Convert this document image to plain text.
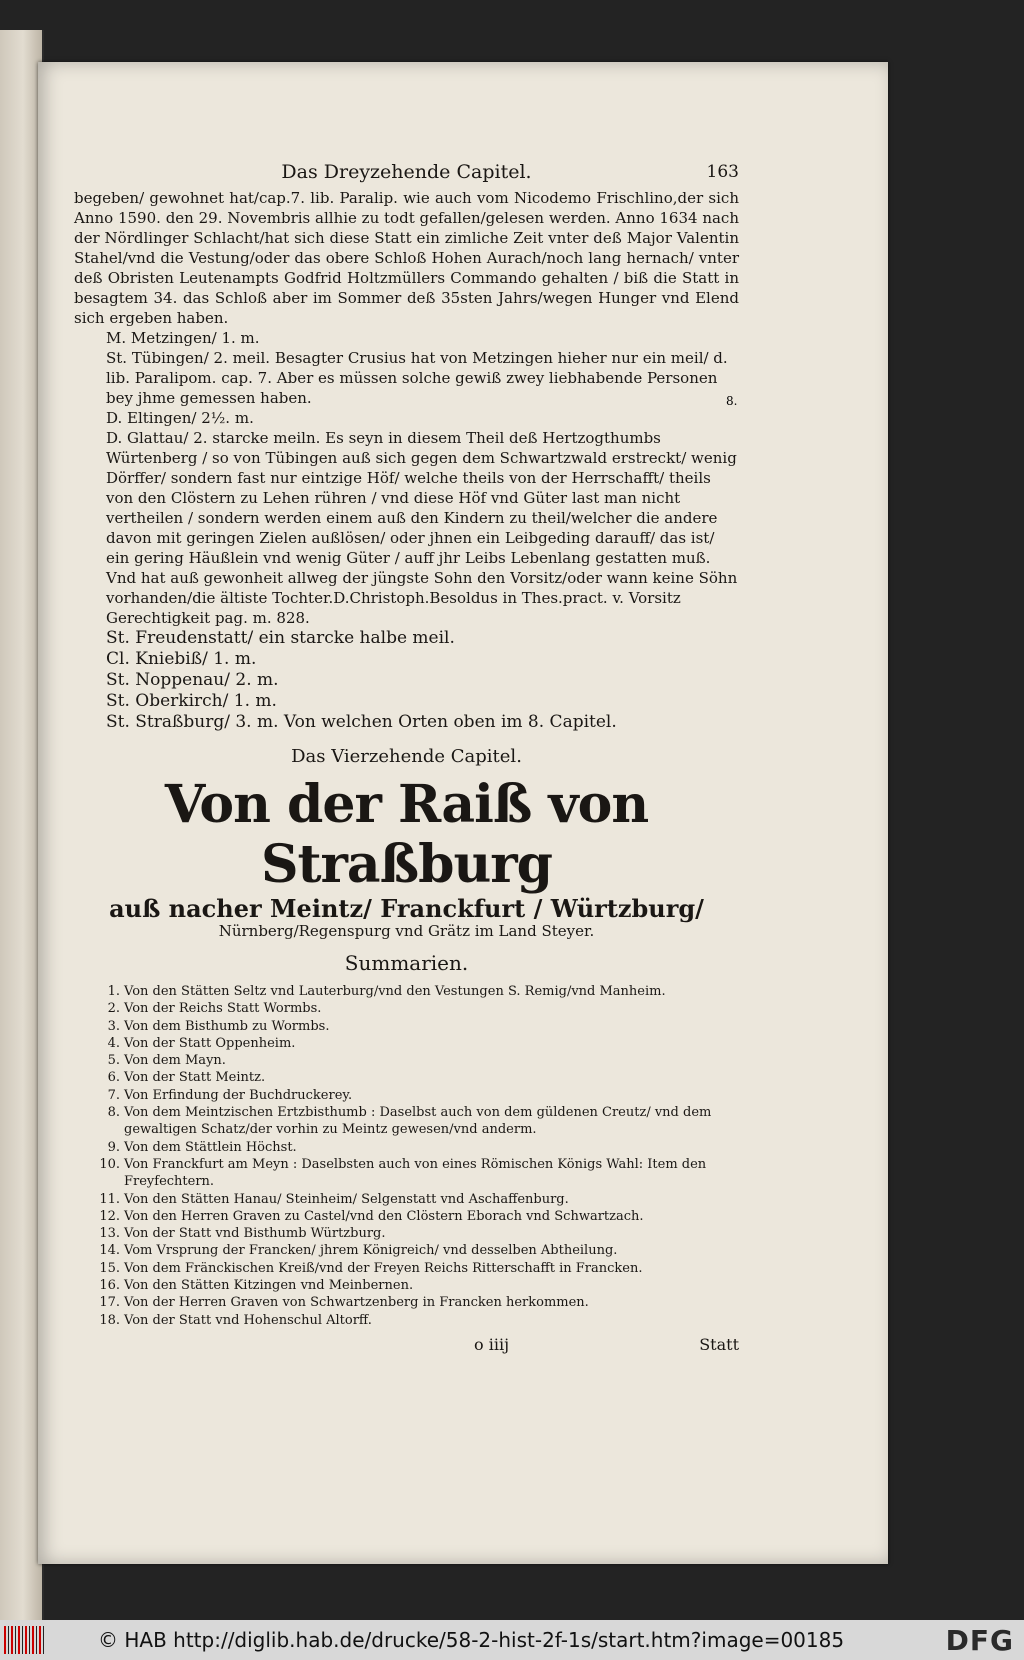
Das Dreyzehende Capitel.	163

begeben/ gewohnet hat/cap.7. lib. Paralip. wie auch vom Nicodemo Frischlino,der sich Anno 1590. den 29. Novembris allhie zu todt gefallen/gelesen werden. Anno 1634 nach der Nördlinger Schlacht/hat sich diese Statt ein zimliche Zeit vnter deß Major Valentin Stahel/vnd die Vestung/oder das obere Schloß Hohen Aurach/noch lang hernach/ vnter deß Obristen Leutenampts Godfrid Holtzmüllers Commando gehalten / biß die Statt in besagtem 34. das Schloß aber im Sommer deß 35sten Jahrs/wegen Hunger vnd Elend sich ergeben haben.

M. Metzingen/ 1. m.

St. Tübingen/ 2. meil. Besagter Crusius hat von Metzingen hieher nur ein meil/ d. lib. Paralipom. cap. 7. Aber es müssen solche gewiß zwey liebhabende Personen bey jhme gemessen haben.

D. Eltingen/ 2½. m.

D. Glattau/ 2. starcke meiln. Es seyn in diesem Theil deß Hertzogthumbs Würtenberg / so von Tübingen auß sich gegen dem Schwartzwald erstreckt/ wenig Dörffer/ sondern fast nur eintzige Höf/ welche theils von der Herrschafft/ theils von den Clöstern zu Lehen rühren / vnd diese Höf vnd Güter last man nicht vertheilen / sondern werden einem auß den Kindern zu theil/welcher die andere davon mit geringen Zielen außlösen/ oder jhnen ein Leibgeding darauff/ das ist/ ein gering Häußlein vnd wenig Güter / auff jhr Leibs Lebenlang gestatten muß. Vnd hat auß gewonheit allweg der jüngste Sohn den Vorsitz/oder wann keine Söhn vorhanden/die ältiste Tochter.D.Christoph.Besoldus in Thes.pract. v. Vorsitz Gerechtigkeit pag. m. 828.

St. Freudenstatt/ ein starcke halbe meil.

Cl. Kniebiß/ 1. m.

St. Noppenau/ 2. m.

St. Oberkirch/ 1. m.

St. Straßburg/ 3. m. Von welchen Orten oben im 8. Capitel.

Das Vierzehende Capitel.
Von der Raiß von Straßburg
auß nacher Meintz/ Franckfurt / Würtzburg/
Nürnberg/Regenspurg vnd Grätz im Land Steyer.
Summarien.
1. Von den Stätten Seltz vnd Lauterburg/vnd den Vestungen S. Remig/vnd Manheim.
2. Von der Reichs Statt Wormbs.
3. Von dem Bisthumb zu Wormbs.
4. Von der Statt Oppenheim.
5. Von dem Mayn.
6. Von der Statt Meintz.
7. Von Erfindung der Buchdruckerey.
8. Von dem Meintzischen Ertzbisthumb : Daselbst auch von dem güldenen Creutz/ vnd dem gewaltigen Schatz/der vorhin zu Meintz gewesen/vnd anderm.
9. Von dem Stättlein Höchst.
10. Von Franckfurt am Meyn : Daselbsten auch von eines Römischen Königs Wahl: Item den Freyfechtern.
11. Von den Stätten Hanau/ Steinheim/ Selgenstatt vnd Aschaffenburg.
12. Von den Herren Graven zu Castel/vnd den Clöstern Eborach vnd Schwartzach.
13. Von der Statt vnd Bisthumb Würtzburg.
14. Vom Vrsprung der Francken/ jhrem Königreich/ vnd desselben Abtheilung.
15. Von dem Fränckischen Kreiß/vnd der Freyen Reichs Ritterschafft in Francken.
16. Von den Stätten Kitzingen vnd Meinbernen.
17. Von der Herren Graven von Schwartzenberg in Francken herkommen.
18. Von der Statt vnd Hohenschul Altorff.
o iiij	Statt
8.
© HAB http://diglib.hab.de/drucke/58-2-hist-2f-1s/start.htm?image=00185	DFG
